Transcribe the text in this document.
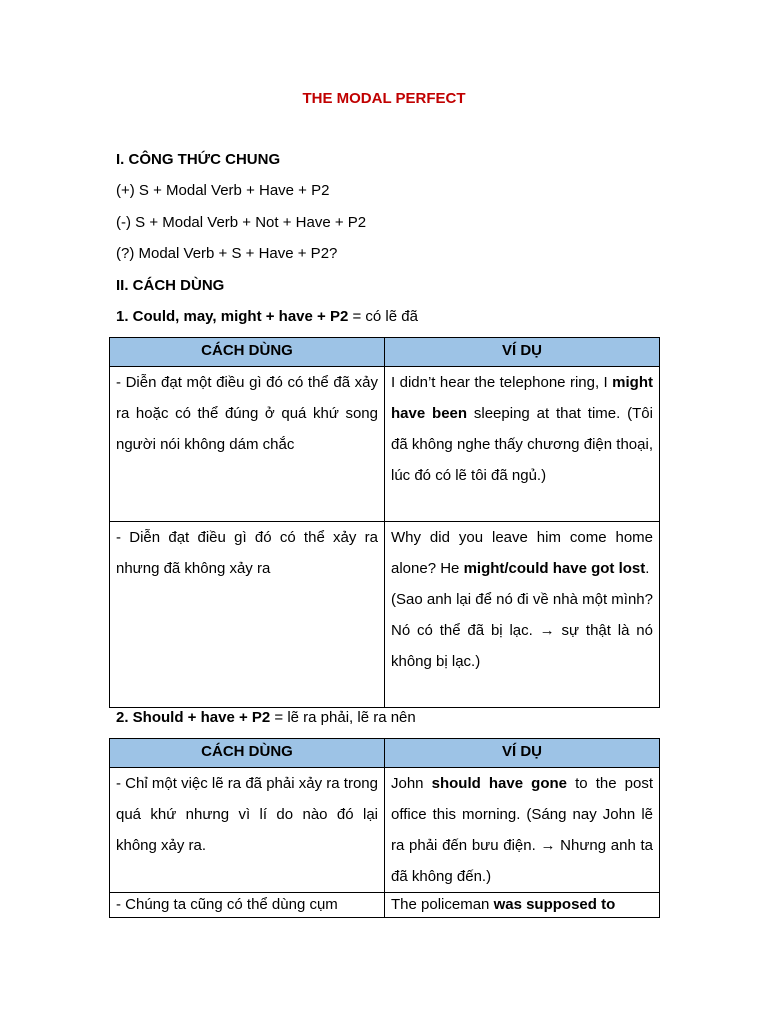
THE MODAL PERFECT
I. CÔNG THỨC CHUNG
(+) S + Modal Verb + Have + P2
(-) S + Modal Verb + Not + Have + P2
(?) Modal Verb + S + Have + P2?
II. CÁCH DÙNG
1. Could, may, might + have + P2 = có lẽ đã
CÁCH DÙNG	VÍ DỤ
- Diễn đạt một điều gì đó có thể đã xảy ra hoặc có thể đúng ở quá khứ song người nói không dám chắc	I didn’t hear the telephone ring, I might have been sleeping at that time. (Tôi đã không nghe thấy chương điện thoại, lúc đó có lẽ tôi đã ngủ.)
- Diễn đạt điều gì đó có thể xảy ra nhưng đã không xảy ra	Why did you leave him come home alone? He might/could have got lost.
(Sao anh lại để nó đi về nhà một mình? Nó có thể đã bị lạc. → sự thật là nó không bị lạc.)
2. Should + have + P2 = lẽ ra phải, lẽ ra nên
CÁCH DÙNG	VÍ DỤ
- Chỉ một việc lẽ ra đã phải xảy ra trong quá khứ nhưng vì lí do nào đó lại không xảy ra.	John should have gone to the post office this morning. (Sáng nay John lẽ ra phải đến bưu điện. → Nhưng anh ta đã không đến.)
- Chúng ta cũng có thể dùng cụm	The policeman was supposed to
